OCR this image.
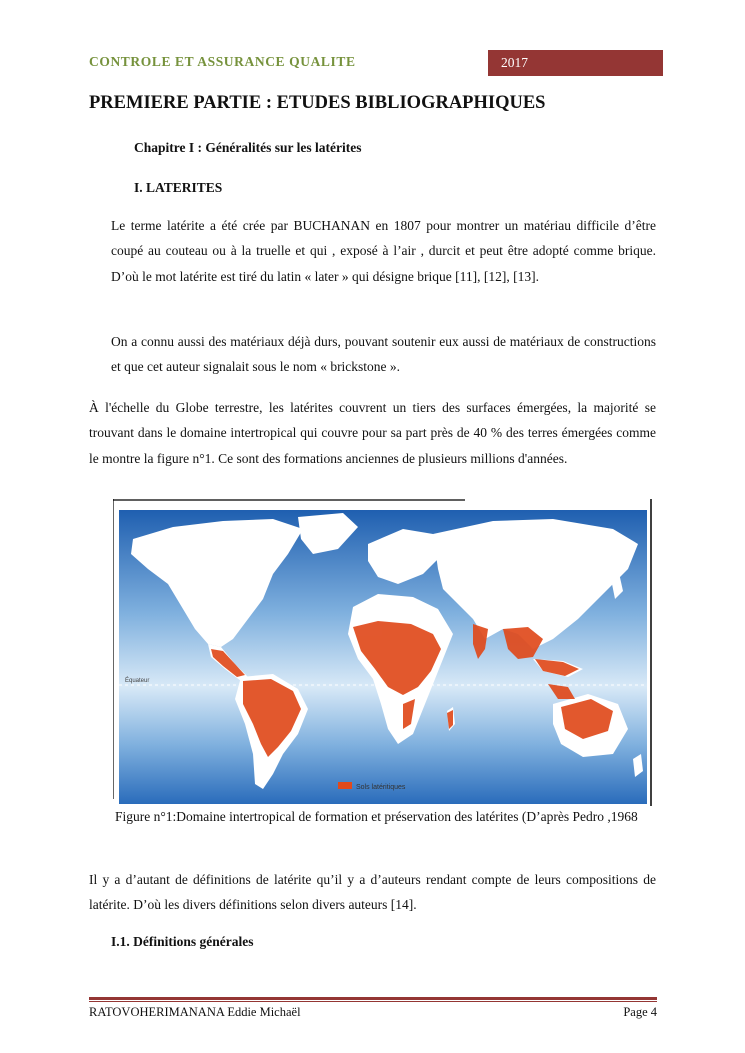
CONTROLE ET ASSURANCE QUALITE	2017
PREMIERE PARTIE : ETUDES BIBLIOGRAPHIQUES
Chapitre I : Généralités sur les latérites
I. LATERITES
Le terme latérite a été crée par BUCHANAN en 1807 pour montrer un matériau difficile d’être coupé au couteau ou à la truelle et qui , exposé à l’air , durcit et peut être adopté comme brique. D’où le mot latérite est tiré du latin « later » qui désigne brique [11], [12], [13].
On a connu aussi des matériaux déjà durs, pouvant soutenir eux aussi de matériaux de constructions et que cet auteur signalait sous le nom « brickstone ».
À l'échelle du Globe terrestre, les latérites couvrent un tiers des surfaces émergées, la majorité se trouvant dans le domaine intertropical qui couvre pour sa part près de 40 % des terres émergées comme le montre la figure n°1. Ce sont des formations anciennes de plusieurs millions d'années.
Équateur
Sols latéritiques
Figure n°1:Domaine intertropical de formation et préservation des latérites (D’après Pedro ,1968
Il y a d’autant de définitions de latérite qu’il y a d’auteurs rendant compte de leurs compositions de latérite. D’où les divers définitions selon divers auteurs [14].
I.1. Définitions générales
RATOVOHERIMANANA Eddie Michaël	Page 4
